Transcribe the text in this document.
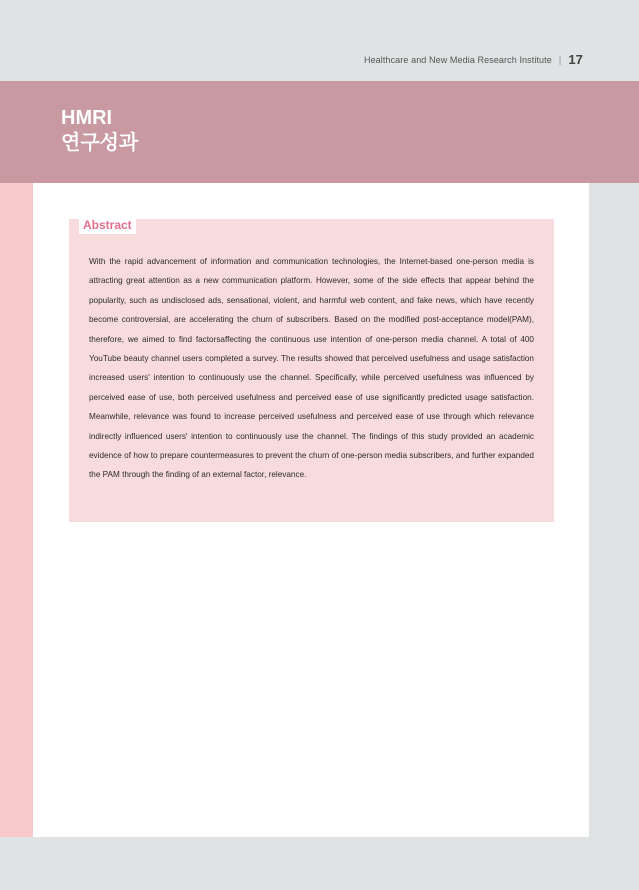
Healthcare and New Media Research Institute | 17
HMRI
연구성과
Abstract

With the rapid advancement of information and communication technologies, the Internet-based one-person media is attracting great attention as a new communication platform. However, some of the side effects that appear behind the popularity, such as undisclosed ads, sensational, violent, and harmful web content, and fake news, which have recently become controversial, are accelerating the churn of subscribers. Based on the modified post-acceptance model(PAM), therefore, we aimed to find factorsaffecting the continuous use intention of one-person media channel. A total of 400 YouTube beauty channel users completed a survey. The results showed that perceived usefulness and usage satisfaction increased users' intention to continuously use the channel. Specifically, while perceived usefulness was influenced by perceived ease of use, both perceived usefulness and perceived ease of use significantly predicted usage satisfaction. Meanwhile, relevance was found to increase perceived usefulness and perceived ease of use through which relevance indirectly influenced users' intention to continuously use the channel. The findings of this study provided an academic evidence of how to prepare countermeasures to prevent the churn of one-person media subscribers, and further expanded the PAM through the finding of an external factor, relevance.
